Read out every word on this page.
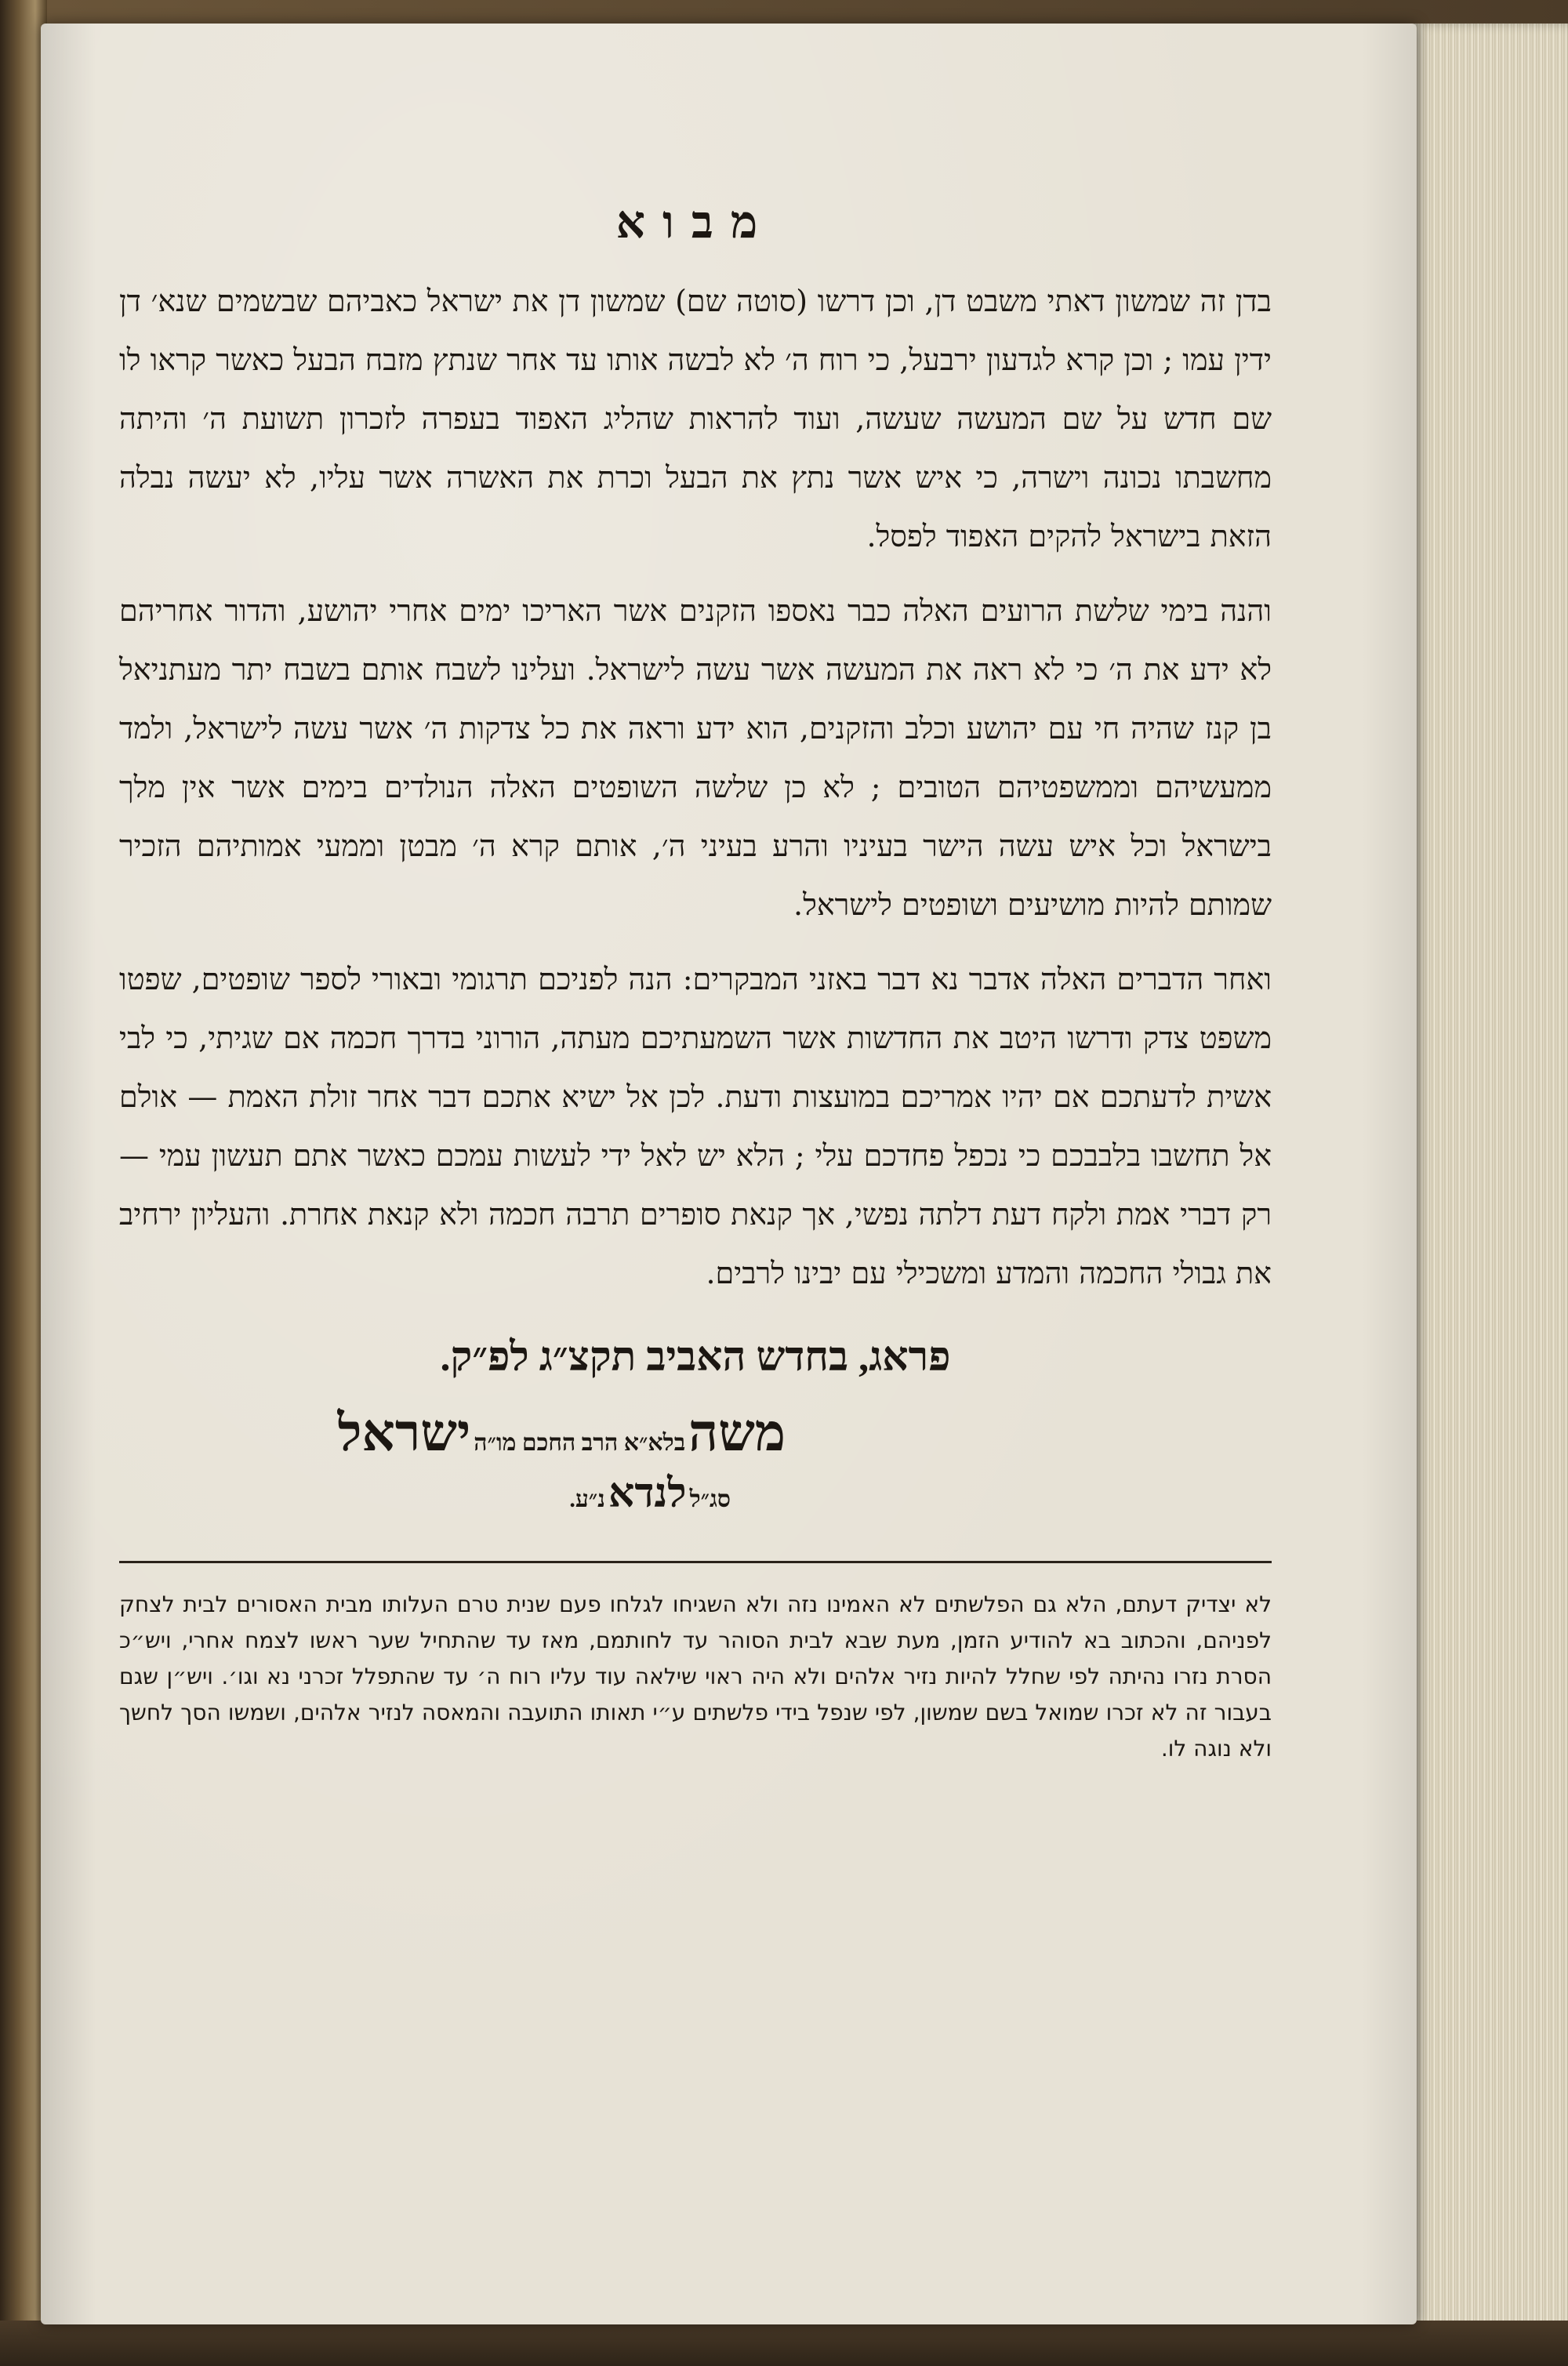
מבוא

בדן זה שמשון דאתי משבט דן, וכן דרשו (סוטה שם) שמשון דן את ישראל כאביהם שבשמים שנא׳ דן ידין עמו ; וכן קרא לגדעון ירבעל, כי רוח ה׳ לא לבשה אותו עד אחר שנתץ מזבח הבעל כאשר קראו לו שם חדש על שם המעשה שעשה, ועוד להראות שהליג האפוד בעפרה לזכרון תשועת ה׳ והיתה מחשבתו נכונה וישרה, כי איש אשר נתץ את הבעל וכרת את האשרה אשר עליו, לא יעשה נבלה הזאת בישראל להקים האפוד לפסל.

והנה בימי שלשת הרועים האלה כבר נאספו הזקנים אשר האריכו ימים אחרי יהושע, והדור אחריהם לא ידע את ה׳ כי לא ראה את המעשה אשר עשה לישראל. ועלינו לשבח אותם בשבח יתר מעתניאל בן קנז שהיה חי עם יהושע וכלב והזקנים, הוא ידע וראה את כל צדקות ה׳ אשר עשה לישראל, ולמד ממעשיהם וממשפטיהם הטובים ; לא כן שלשה השופטים האלה הנולדים בימים אשר אין מלך בישראל וכל איש עשה הישר בעיניו והרע בעיני ה׳, אותם קרא ה׳ מבטן וממעי אמותיהם הזכיר שמותם להיות מושיעים ושופטים לישראל.

ואחר הדברים האלה אדבר נא דבר באזני המבקרים: הנה לפניכם תרגומי ובאורי לספר שופטים, שפטו משפט צדק ודרשו היטב את החדשות אשר השמעתיכם מעתה, הורוני בדרך חכמה אם שגיתי, כי לבי אשית לדעתכם אם יהיו אמריכם במועצות ודעת. לכן אל ישיא אתכם דבר אחר זולת האמת — אולם אל תחשבו בלבבכם כי נכפל פחדכם עלי ; הלא יש לאל ידי לעשות עמכם כאשר אתם תעשון עמי — רק דברי אמת ולקח דעת דלתה נפשי, אך קנאת סופרים תרבה חכמה ולא קנאת אחרת. והעליון ירחיב את גבולי החכמה והמדע ומשכילי עם יבינו לרבים.

פראג, בחדש האביב תקצ״ג לפ״ק.
משה בלא״א הרב החכם מו״ה ישראל
סג״ל לנדא נ״ע.

לא יצדיק דעתם, הלא גם הפלשתים לא האמינו נזה ולא השגיחו לגלחו פעם שנית טרם העלותו מבית האסורים לבית לצחק לפניהם, והכתוב בא להודיע הזמן, מעת שבא לבית הסוהר עד לחותמם, מאז עד שהתחיל שער ראשו לצמח אחרי, ויש״כ הסרת נזרו נהיתה לפי שחלל להיות נזיר אלהים ולא היה ראוי שילאה עוד עליו רוח ה׳ עד שהתפלל זכרני נא וגו׳. ויש״ן שגם בעבור זה לא זכרו שמואל בשם שמשון, לפי שנפל בידי פלשתים ע״י תאותו התועבה והמאסה לנזיר אלהים, ושמשו הסך לחשך ולא נוגה לו.
